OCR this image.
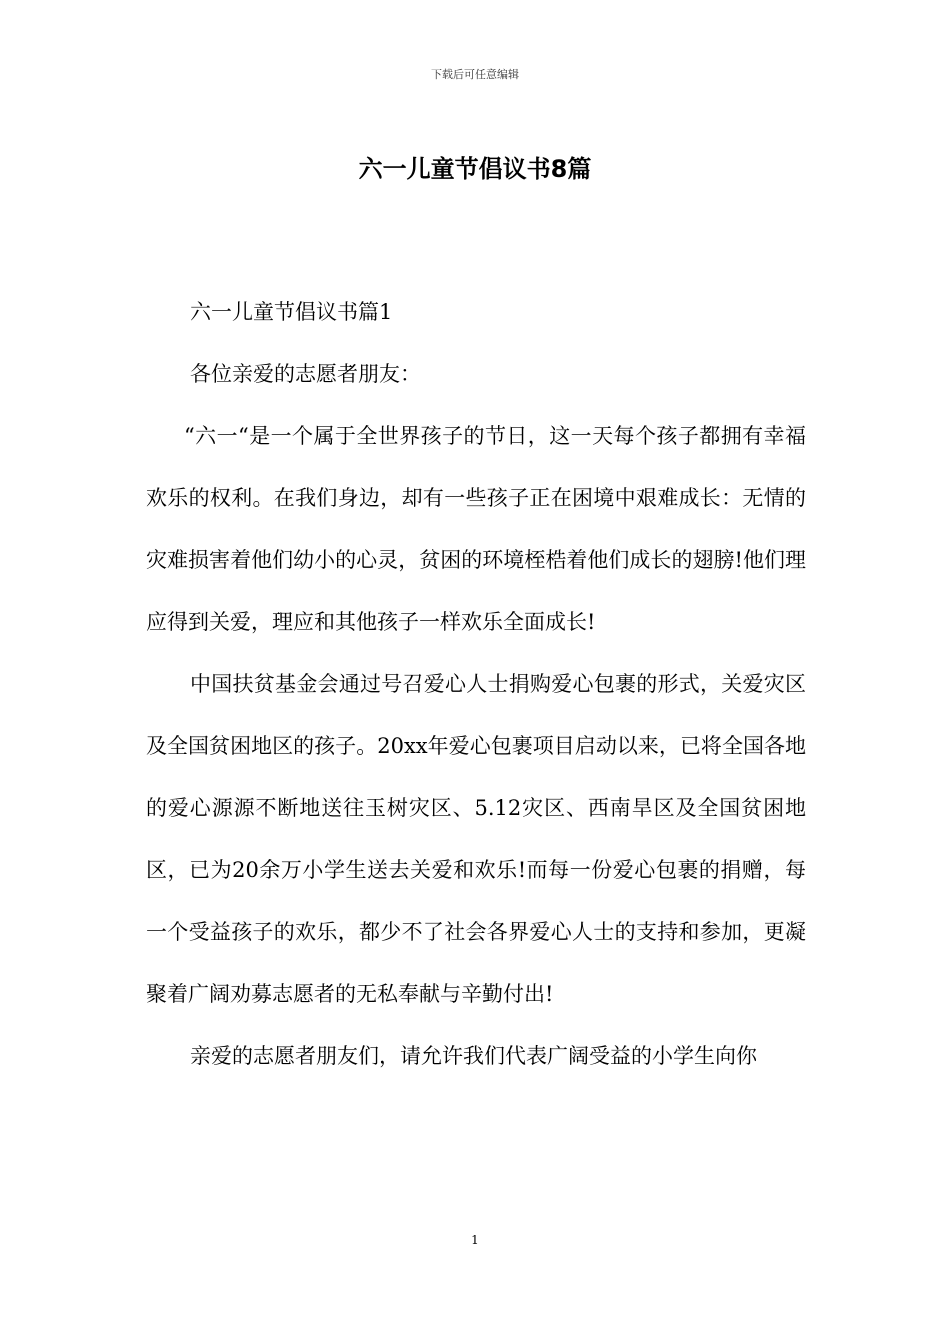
下载后可任意编辑
六一儿童节倡议书8篇

六一儿童节倡议书篇1

各位亲爱的志愿者朋友：

“六一“是一个属于全世界孩子的节日，这一天每个孩子都拥有幸福欢乐的权利。在我们身边，却有一些孩子正在困境中艰难成长：无情的灾难损害着他们幼小的心灵，贫困的环境桎梏着他们成长的翅膀!他们理应得到关爱，理应和其他孩子一样欢乐全面成长!

中国扶贫基金会通过号召爱心人士捐购爱心包裹的形式，关爱灾区及全国贫困地区的孩子。20xx年爱心包裹项目启动以来，已将全国各地的爱心源源不断地送往玉树灾区、5.12灾区、西南旱区及全国贫困地区，已为20余万小学生送去关爱和欢乐!而每一份爱心包裹的捐赠，每一个受益孩子的欢乐，都少不了社会各界爱心人士的支持和参加，更凝聚着广阔劝募志愿者的无私奉献与辛勤付出!

亲爱的志愿者朋友们，请允许我们代表广阔受益的小学生向你

1
